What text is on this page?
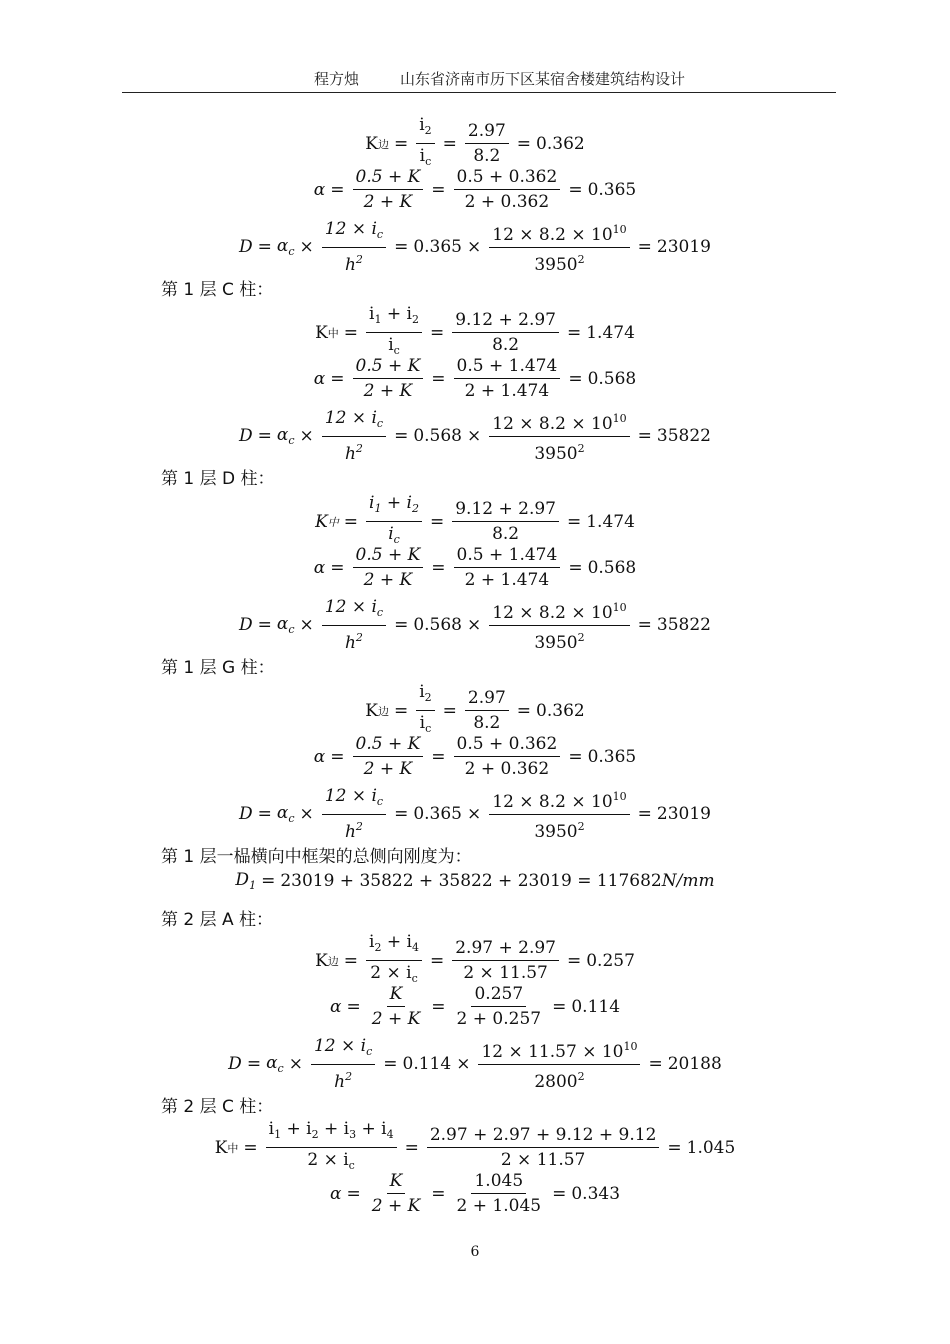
程方烛	山东省济南市历下区某宿舍楼建筑结构设计
K 边 = $\frac{i_2}{i_c} = \frac{2.97}{8.2} = 0.362$
$\alpha = \frac{0.5 + K}{2 + K} = \frac{0.5 + 0.362}{2 + 0.362} = 0.365$
$D = \alpha_c \times \frac{12 \times i_c}{h^2} = 0.365 \times \frac{12 \times 8.2 \times 10^{10}}{3950^2} = 23019$
第 1 层 C 柱：
K 中 = $\frac{i_1 + i_2}{i_c} = \frac{9.12 + 2.97}{8.2} = 1.474$
$\alpha = \frac{0.5 + K}{2 + K} = \frac{0.5 + 1.474}{2 + 1.474} = 0.568$
$D = \alpha_c \times \frac{12 \times i_c}{h^2} = 0.568 \times \frac{12 \times 8.2 \times 10^{10}}{3950^2} = 35822$
第 1 层 D 柱：
K 中 = $\frac{i_1 + i_2}{i_c} = \frac{9.12 + 2.97}{8.2} = 1.474$
$\alpha = \frac{0.5 + K}{2 + K} = \frac{0.5 + 1.474}{2 + 1.474} = 0.568$
$D = \alpha_c \times \frac{12 \times i_c}{h^2} = 0.568 \times \frac{12 \times 8.2 \times 10^{10}}{3950^2} = 35822$
第 1 层 G 柱：
K 边 = $\frac{i_2}{i_c} = \frac{2.97}{8.2} = 0.362$
$\alpha = \frac{0.5 + K}{2 + K} = \frac{0.5 + 0.362}{2 + 0.362} = 0.365$
$D = \alpha_c \times \frac{12 \times i_c}{h^2} = 0.365 \times \frac{12 \times 8.2 \times 10^{10}}{3950^2} = 23019$
第 1 层一榀横向中框架的总侧向刚度为：
$D_1 = 23019 + 35822 + 35822 + 23019 = 117682$ N/mm
第 2 层 A 柱：
K 边 = $\frac{i_2 + i_4}{2 \times i_c} = \frac{2.97 + 2.97}{2 \times 11.57} = 0.257$
$\alpha = \frac{K}{2 + K} = \frac{0.257}{2 + 0.257} = 0.114$
$D = \alpha_c \times \frac{12 \times i_c}{h^2} = 0.114 \times \frac{12 \times 11.57 \times 10^{10}}{2800^2} = 20188$
第 2 层 C 柱：
K 中 = $\frac{i_1 + i_2 + i_3 + i_4}{2 \times i_c} = \frac{2.97 + 2.97 + 9.12 + 9.12}{2 \times 11.57} = 1.045$
$\alpha = \frac{K}{2 + K} = \frac{1.045}{2 + 1.045} = 0.343$
6
